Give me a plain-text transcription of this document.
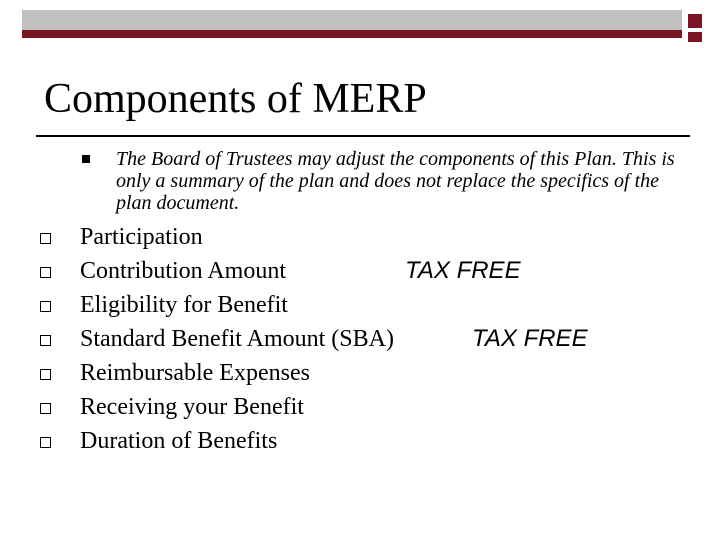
Components of MERP
The Board of Trustees may adjust the components of this Plan. This is only a summary of the plan and does not replace the specifics of the plan document.
Participation
Contribution Amount	TAX FREE
Eligibility for Benefit
Standard Benefit Amount (SBA)	TAX FREE
Reimbursable Expenses
Receiving your Benefit
Duration of Benefits
